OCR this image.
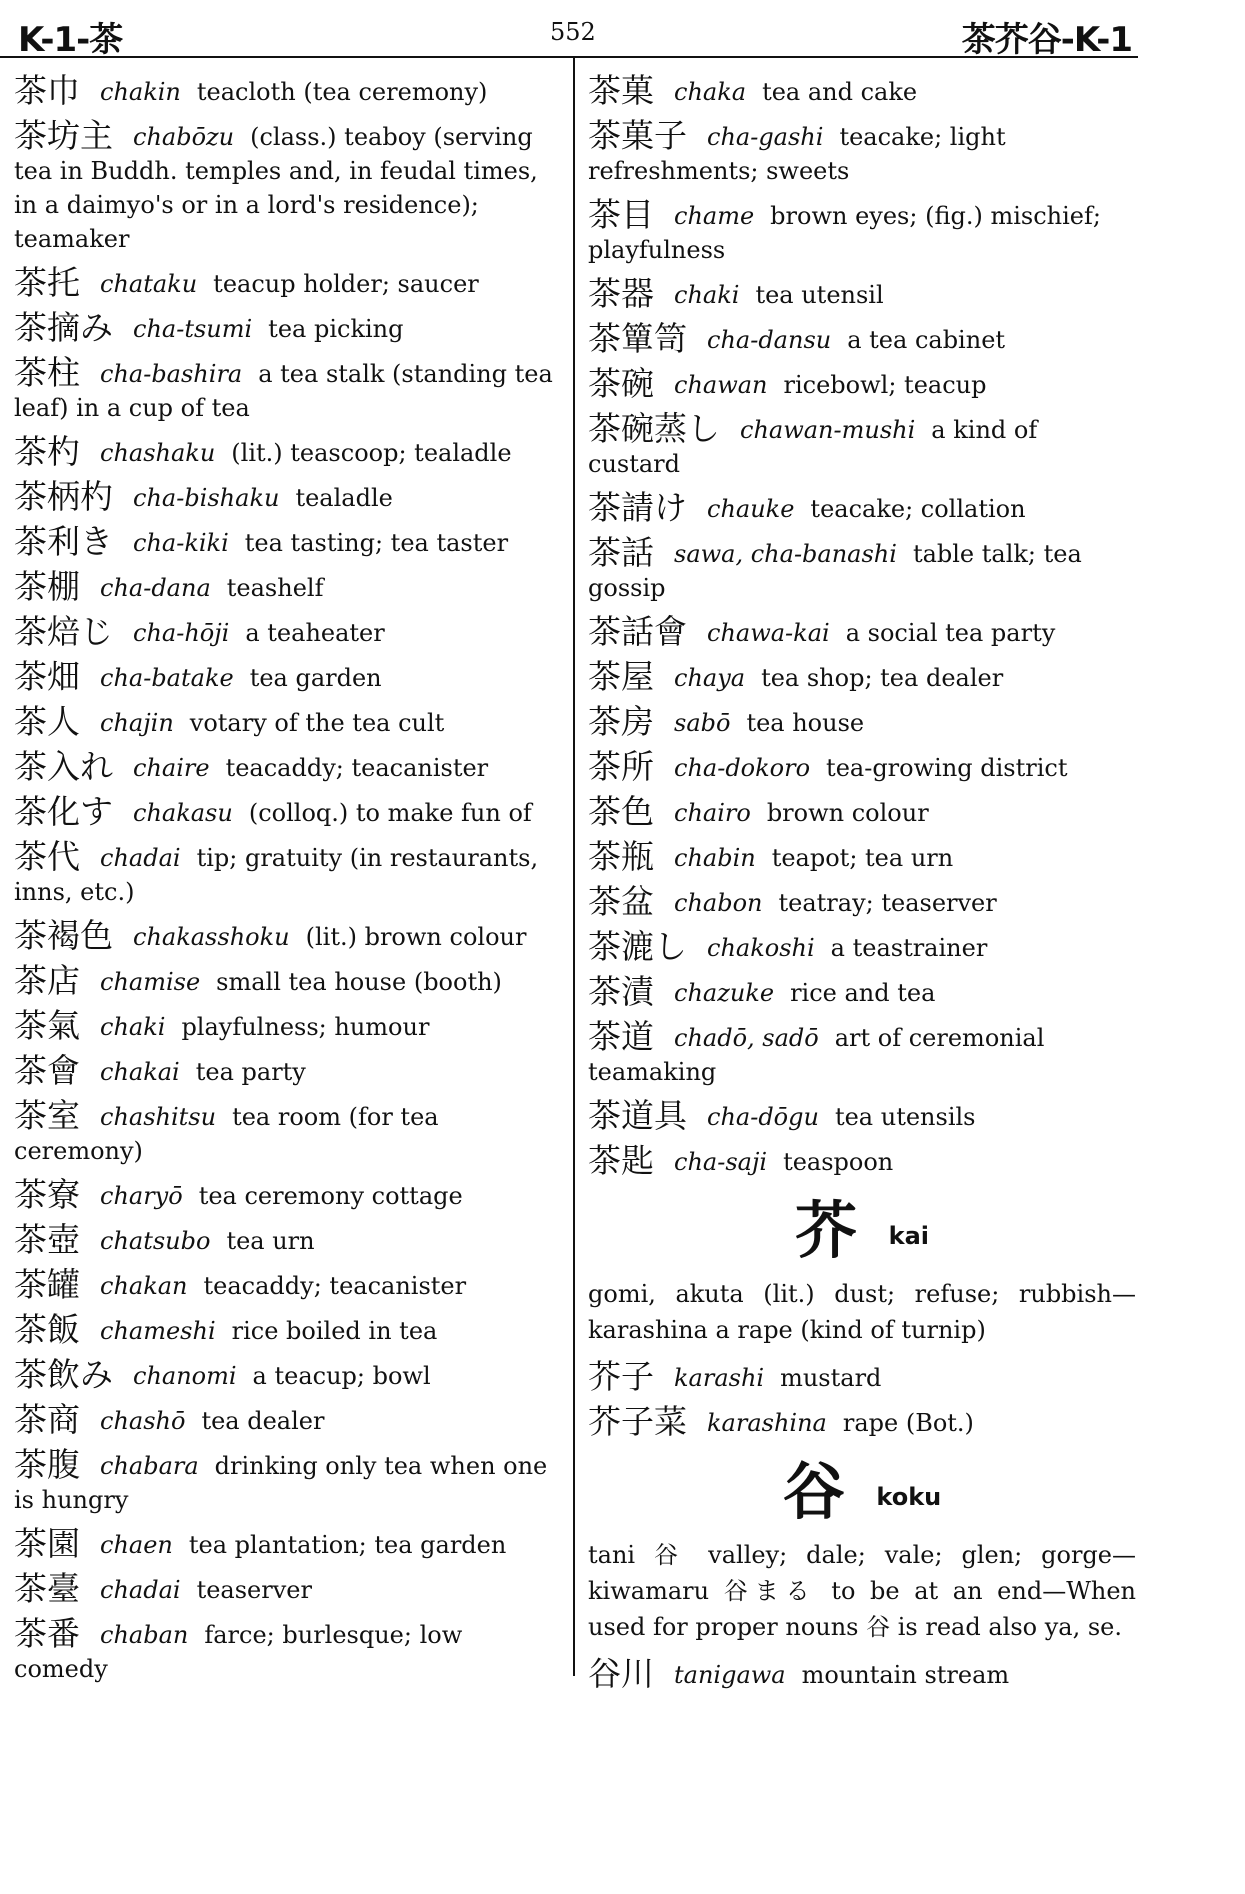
K-1-茶	552	茶芥谷-K-1
茶巾 chakin teacloth (tea ceremony)
茶坊主 chabōzu (class.) teaboy (serving tea in Buddh. temples and, in feudal times, in a daimyo's or in a lord's residence); teamaker
茶托 chataku teacup holder; saucer
茶摘み cha-tsumi tea picking
茶柱 cha-bashira a tea stalk (standing tea leaf) in a cup of tea
茶杓 chashaku (lit.) teascoop; tealadle
茶柄杓 cha-bishaku tealadle
茶利き cha-kiki tea tasting; tea taster
茶棚 cha-dana teashelf
茶焙じ cha-hōji a teaheater
茶畑 cha-batake tea garden
茶人 chajin votary of the tea cult
茶入れ chaire teacaddy; teacanister
茶化す chakasu (colloq.) to make fun of
茶代 chadai tip; gratuity (in restaurants, inns, etc.)
茶褐色 chakasshoku (lit.) brown colour
茶店 chamise small tea house (booth)
茶氣 chaki playfulness; humour
茶會 chakai tea party
茶室 chashitsu tea room (for tea ceremony)
茶寮 charyō tea ceremony cottage
茶壺 chatsubo tea urn
茶罐 chakan teacaddy; teacanister
茶飯 chameshi rice boiled in tea
茶飲み chanomi a teacup; bowl
茶商 chashō tea dealer
茶腹 chabara drinking only tea when one is hungry
茶園 chaen tea plantation; tea garden
茶臺 chadai teaserver
茶番 chaban farce; burlesque; low comedy
茶菓 chaka tea and cake
茶菓子 cha-gashi teacake; light refreshments; sweets
茶目 chame brown eyes; (fig.) mischief; playfulness
茶器 chaki tea utensil
茶簞笥 cha-dansu a tea cabinet
茶碗 chawan ricebowl; teacup
茶碗蒸し chawan-mushi a kind of custard
茶請け chauke teacake; collation
茶話 sawa, cha-banashi table talk; tea gossip
茶話會 chawa-kai a social tea party
茶屋 chaya tea shop; tea dealer
茶房 sabō tea house
茶所 cha-dokoro tea-growing district
茶色 chairo brown colour
茶瓶 chabin teapot; tea urn
茶盆 chabon teatray; teaserver
茶漉し chakoshi a teastrainer
茶漬 chazuke rice and tea
茶道 chadō, sadō art of ceremonial teamaking
茶道具 cha-dōgu tea utensils
茶匙 cha-saji teaspoon
芥 kai
gomi, akuta (lit.) dust; refuse; rubbish—karashina a rape (kind of turnip)
芥子 karashi mustard
芥子菜 karashina rape (Bot.)
谷 koku
tani 谷 valley; dale; vale; glen; gorge—kiwamaru 谷まる to be at an end—When used for proper nouns 谷 is read also ya, se.
谷川 tanigawa mountain stream
